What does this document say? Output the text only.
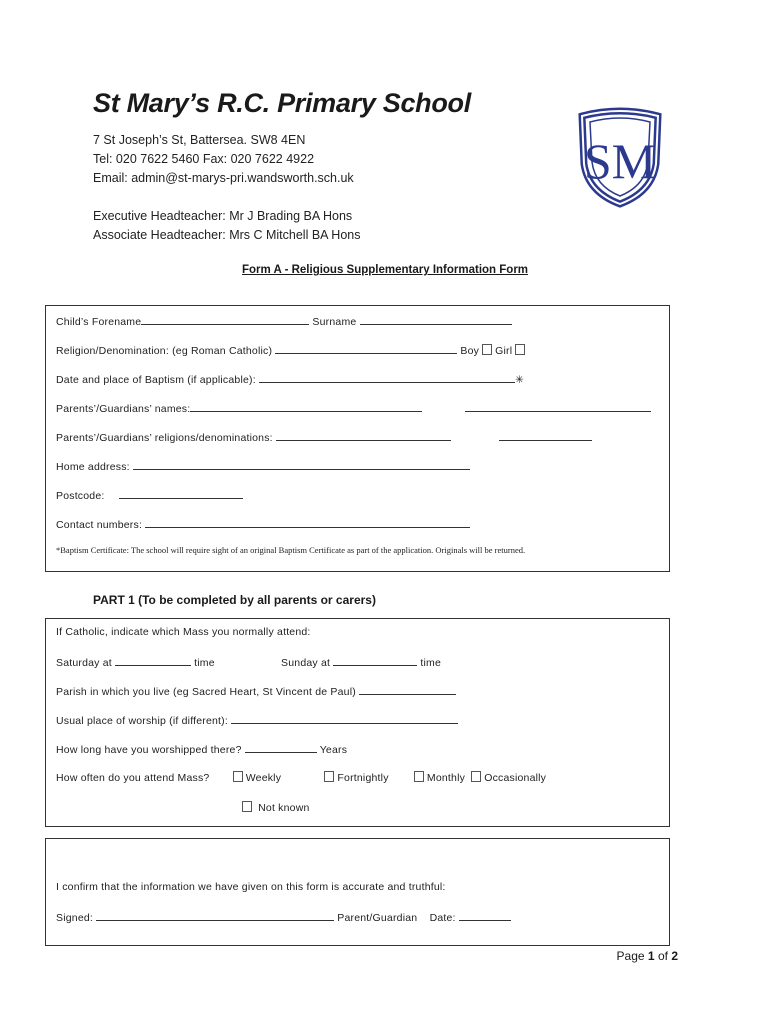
St Mary’s R.C. Primary School
7 St Joseph’s St, Battersea. SW8 4EN
Tel: 020 7622 5460 Fax: 020 7622 4922
Email: admin@st-marys-pri.wandsworth.sch.uk
Executive Headteacher: Mr J Brading BA Hons
Associate Headteacher: Mrs C Mitchell BA Hons
SM
Form A - Religious Supplementary Information Form
Child’s Forename	Surname
Religion/Denomination: (eg Roman Catholic)	Boy Girl
Date and place of Baptism (if applicable):	✳
Parents’/Guardians’ names:
Parents’/Guardians’ religions/denominations:
Home address:
Postcode:
Contact numbers:
*Baptism Certificate: The school will require sight of an original Baptism Certificate as part of the application. Originals will be returned.
PART 1 (To be completed by all parents or carers)
If Catholic, indicate which Mass you normally attend:
Saturday at	time	Sunday at	time
Parish in which you live (eg Sacred Heart, St Vincent de Paul)
Usual place of worship (if different):
How long have you worshipped there?	Years
How often do you attend Mass?	Weekly	Fortnightly	Monthly Occasionally
Not known
I confirm that the information we have given on this form is accurate and truthful:
Signed:	Parent/Guardian Date:
Page 1 of 2
